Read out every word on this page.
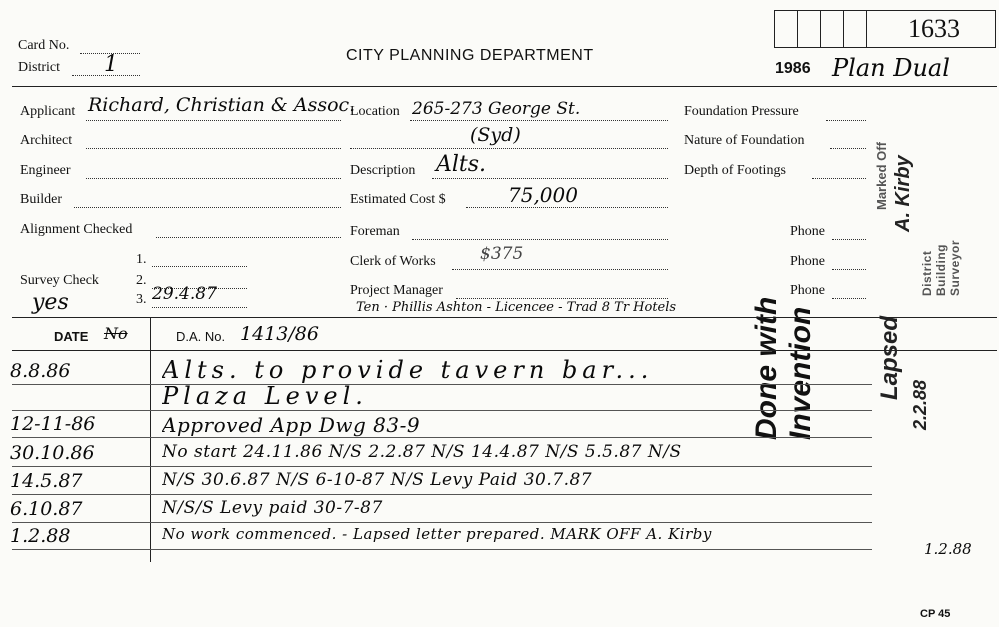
Card No.
District 1	CITY PLANNING DEPARTMENT
1986 Plan Dual
1633
Applicant Richard, Christian & Assoc.
Architect
Engineer
Builder
Alignment Checked
1.
Survey Check	2.
3. 29.4.87
yes
Location 265-273 George St.
(Syd)
Description Alts.
Estimated Cost $	75,000
Foreman
Clerk of Works	$375
Project Manager
Ten · Phillis Ashton - Licencee - Trad 8 Tr Hotels
Foundation Pressure
Nature of Foundation
Depth of Footings
Phone
Phone
Phone	District Building Surveyor
Marked Off A. Kirby
Done with Invention Lapsed
2.2.88
DATE No	D.A. No. 1413/86
8.8.86	Alts. to provide tavern bar...
Plaza Level.
12-11-86	Approved App Dwg 83-9
30.10.86	No start 24.11.86 N/S 2.2.87 N/S 14.4.87 N/S 5.5.87 N/S
14.5.87	N/S 30.6.87 N/S 6-10-87 N/S Levy Paid 30.7.87
6.10.87	N/S/S Levy paid 30-7-87
1.2.88	No work commenced. - Lapsed letter prepared. MARK OFF A. Kirby
1.2.88
CP 45
